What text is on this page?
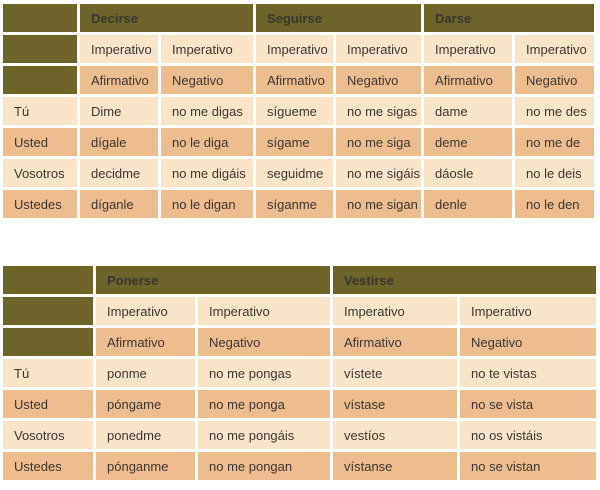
	Decirse		Seguirse		Darse	
	Imperativo	Imperativo	Imperativo	Imperativo	Imperativo	Imperativo
	Afirmativo	Negativo	Afirmativo	Negativo	Afirmativo	Negativo
Tú	Dime	no me digas	sígueme	no me sigas	dame	no me des
Usted	dígale	no le diga	sígame	no me siga	deme	no me de
Vosotros	decidme	no me digáis	seguidme	no me sigáis	dáosle	no le deis
Ustedes	díganle	no le digan	síganme	no me sigan	denle	no le den
	Ponerse		Vestirse	
	Imperativo	Imperativo	Imperativo	Imperativo
	Afirmativo	Negativo	Afirmativo	Negativo
Tú	ponme	no me pongas	vístete	no te vistas
Usted	póngame	no me ponga	vístase	no se vista
Vosotros	ponedme	no me pongáis	vestíos	no os vistáis
Ustedes	pónganme	no me pongan	vístanse	no se vistan
